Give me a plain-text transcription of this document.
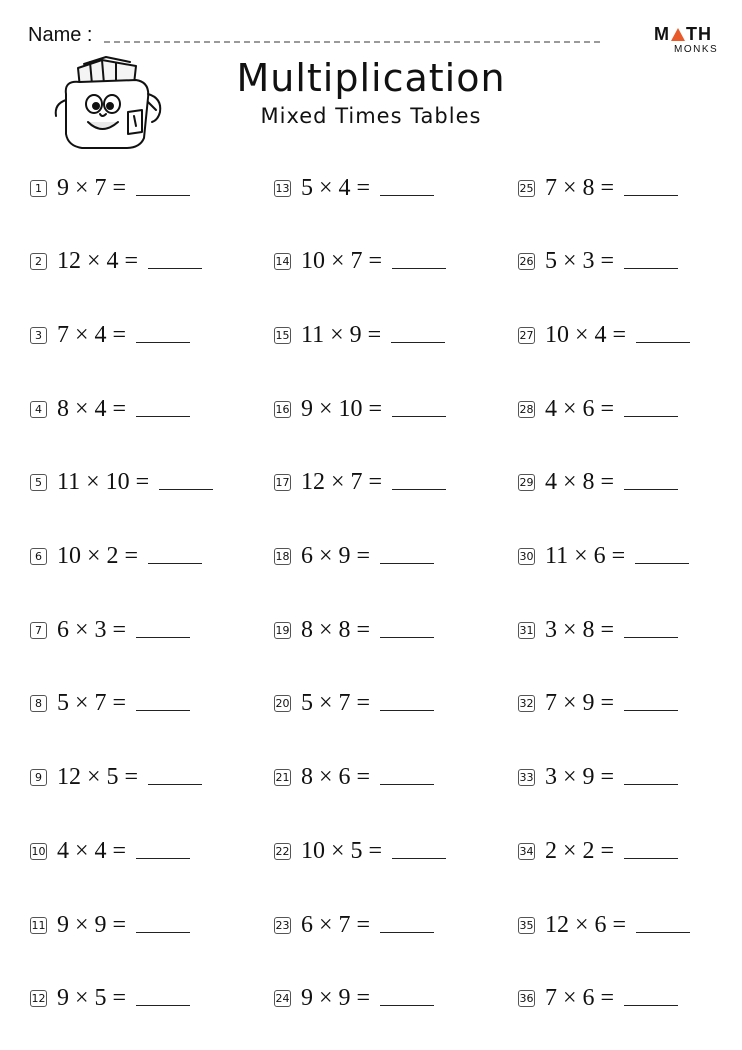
Name :	M TH
MONKS
Multiplication
Mixed Times Tables
1 9 × 7 =
2 12 × 4 =
3 7 × 4 =
4 8 × 4 =
5 11 × 10 =
6 10 × 2 =
7 6 × 3 =
8 5 × 7 =
9 12 × 5 =
10 4 × 4 =
11 9 × 9 =
12 9 × 5 =
13 5 × 4 =
14 10 × 7 =
15 11 × 9 =
16 9 × 10 =
17 12 × 7 =
18 6 × 9 =
19 8 × 8 =
20 5 × 7 =
21 8 × 6 =
22 10 × 5 =
23 6 × 7 =
24 9 × 9 =
25 7 × 8 =
26 5 × 3 =
27 10 × 4 =
28 4 × 6 =
29 4 × 8 =
30 11 × 6 =
31 3 × 8 =
32 7 × 9 =
33 3 × 9 =
34 2 × 2 =
35 12 × 6 =
36 7 × 6 =
